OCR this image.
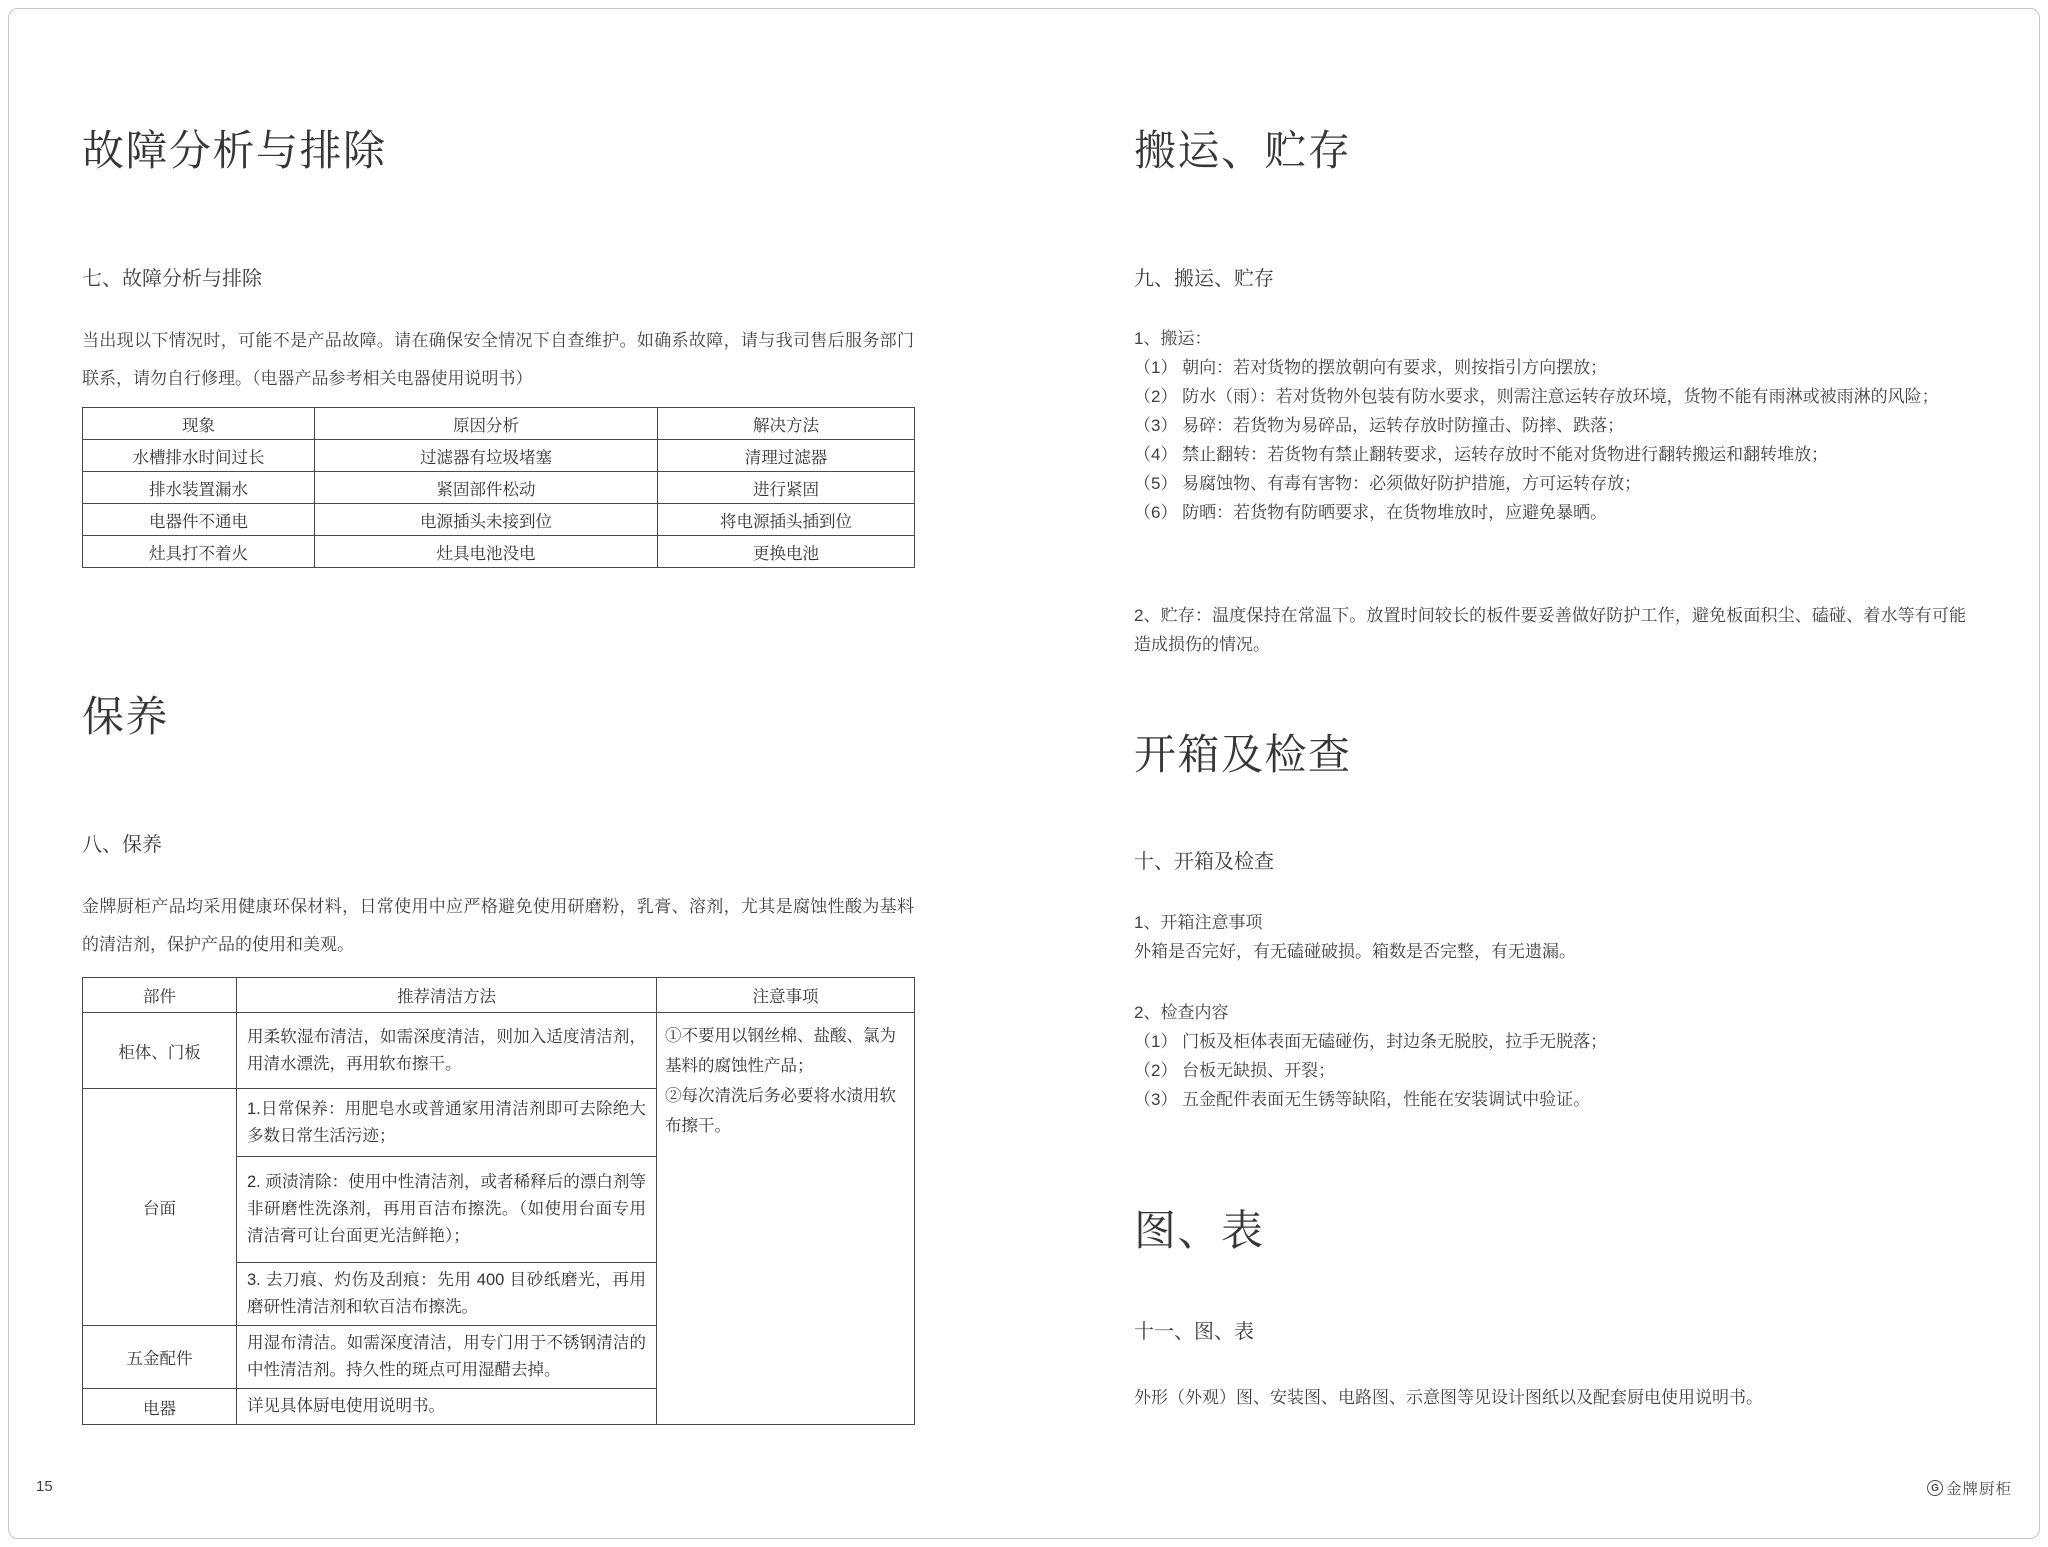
故障分析与排除
七、故障分析与排除
当出现以下情况时，可能不是产品故障。请在确保安全情况下自查维护。如确系故障，请与我司售后服务部门联系，请勿自行修理。（电器产品参考相关电器使用说明书）
现象	原因分析	解决方法
水槽排水时间过长	过滤器有垃圾堵塞	清理过滤器
排水装置漏水	紧固部件松动	进行紧固
电器件不通电	电源插头未接到位	将电源插头插到位
灶具打不着火	灶具电池没电	更换电池
保养
八、保养
金牌厨柜产品均采用健康环保材料，日常使用中应严格避免使用研磨粉，乳膏、溶剂，尤其是腐蚀性酸为基料的清洁剂，保护产品的使用和美观。
部件	推荐清洁方法	注意事项
柜体、门板	用柔软湿布清洁，如需深度清洁，则加入适度清洁剂，用清水漂洗，再用软布擦干。	①不要用以钢丝棉、盐酸、氯为基料的腐蚀性产品；
②每次清洗后务必要将水渍用软布擦干。

台面	1.日常保养：用肥皂水或普通家用清洁剂即可去除绝大多数日常生活污迹；	
	2. 顽渍清除：使用中性清洁剂，或者稀释后的漂白剂等非研磨性洗涤剂，再用百洁布擦洗。（如使用台面专用清洁膏可让台面更光洁鲜艳）；	
	3. 去刀痕、灼伤及刮痕：先用 400 目砂纸磨光，再用磨研性清洁剂和软百洁布擦洗。	
五金配件	用湿布清洁。如需深度清洁，用专门用于不锈钢清洁的中性清洁剂。持久性的斑点可用湿醋去掉。	
电器	详见具体厨电使用说明书。	
搬运、贮存
九、搬运、贮存
1、搬运：
（1） 朝向：若对货物的摆放朝向有要求，则按指引方向摆放；
（2） 防水（雨）：若对货物外包装有防水要求，则需注意运转存放环境，货物不能有雨淋或被雨淋的风险；
（3） 易碎：若货物为易碎品，运转存放时防撞击、防摔、跌落；
（4） 禁止翻转：若货物有禁止翻转要求，运转存放时不能对货物进行翻转搬运和翻转堆放；
（5） 易腐蚀物、有毒有害物：必须做好防护措施，方可运转存放；
（6） 防晒：若货物有防晒要求，在货物堆放时，应避免暴晒。
2、贮存：温度保持在常温下。放置时间较长的板件要妥善做好防护工作，避免板面积尘、磕碰、着水等有可能造成损伤的情况。
开箱及检查
十、开箱及检查
1、开箱注意事项
外箱是否完好，有无磕碰破损。箱数是否完整，有无遗漏。
2、检查内容
（1） 门板及柜体表面无磕碰伤，封边条无脱胶，拉手无脱落；
（2） 台板无缺损、开裂；
（3） 五金配件表面无生锈等缺陷，性能在安装调试中验证。
图、表
十一、图、表
外形（外观）图、安装图、电路图、示意图等见设计图纸以及配套厨电使用说明书。
15	G 金牌厨柜
